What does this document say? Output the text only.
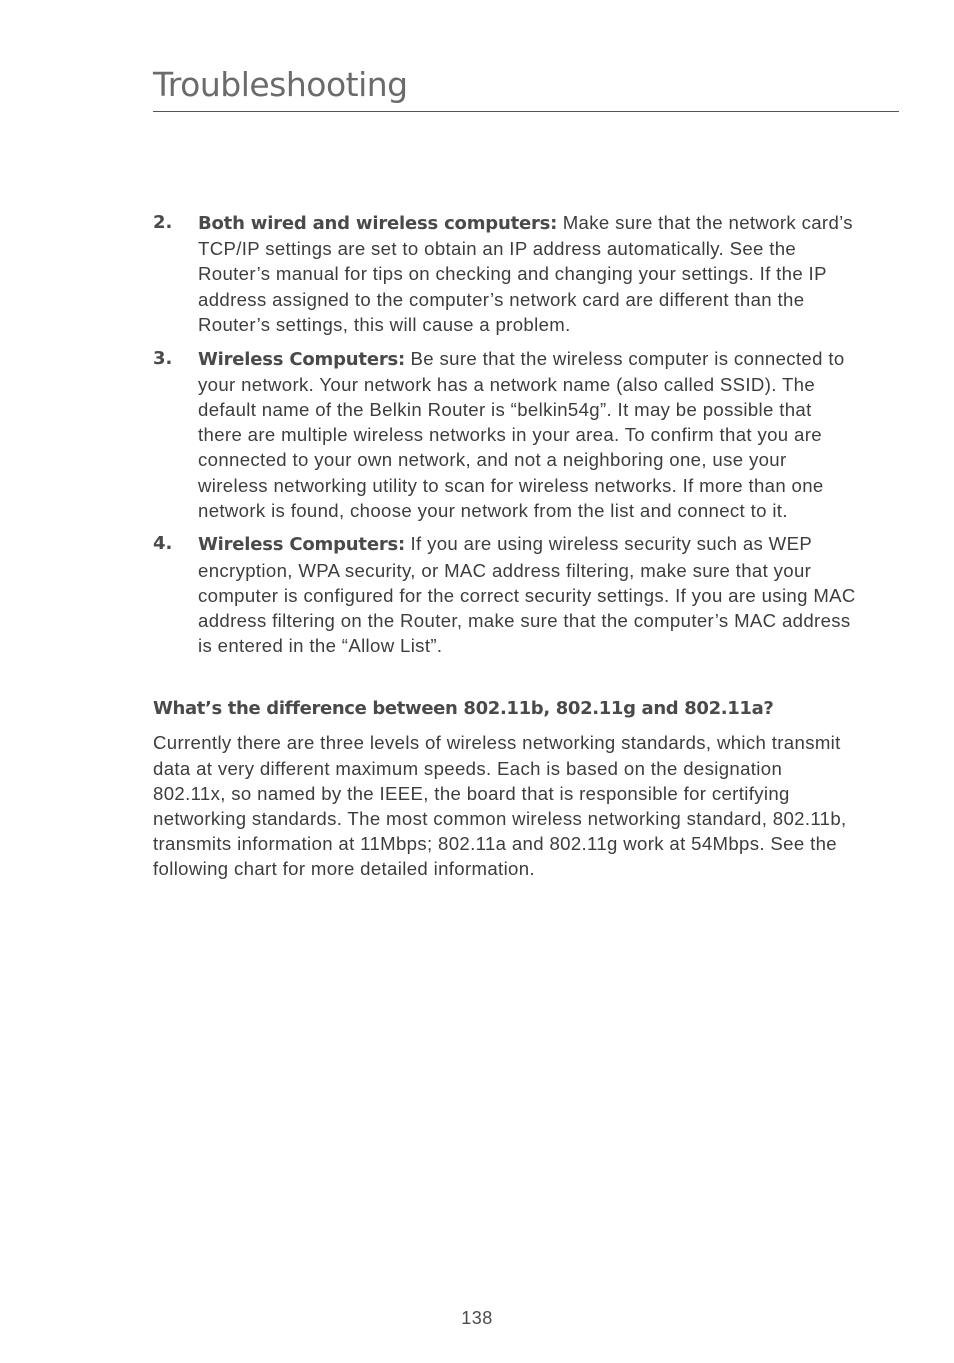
Troubleshooting
2. Both wired and wireless computers: Make sure that the network card’s TCP/IP settings are set to obtain an IP address automatically. See the Router’s manual for tips on checking and changing your settings. If the IP address assigned to the computer’s network card are different than the Router’s settings, this will cause a problem.
3. Wireless Computers: Be sure that the wireless computer is connected to your network. Your network has a network name (also called SSID). The default name of the Belkin Router is “belkin54g”. It may be possible that there are multiple wireless networks in your area. To confirm that you are connected to your own network, and not a neighboring one, use your wireless networking utility to scan for wireless networks. If more than one network is found, choose your network from the list and connect to it.
4. Wireless Computers: If you are using wireless security such as WEP encryption, WPA security, or MAC address filtering, make sure that your computer is configured for the correct security settings. If you are using MAC address filtering on the Router, make sure that the computer’s MAC address is entered in the “Allow List”.
What’s the difference between 802.11b, 802.11g and 802.11a?

Currently there are three levels of wireless networking standards, which transmit data at very different maximum speeds. Each is based on the designation 802.11x, so named by the IEEE, the board that is responsible for certifying networking standards. The most common wireless networking standard, 802.11b, transmits information at 11Mbps; 802.11a and 802.11g work at 54Mbps. See the following chart for more detailed information.

138
